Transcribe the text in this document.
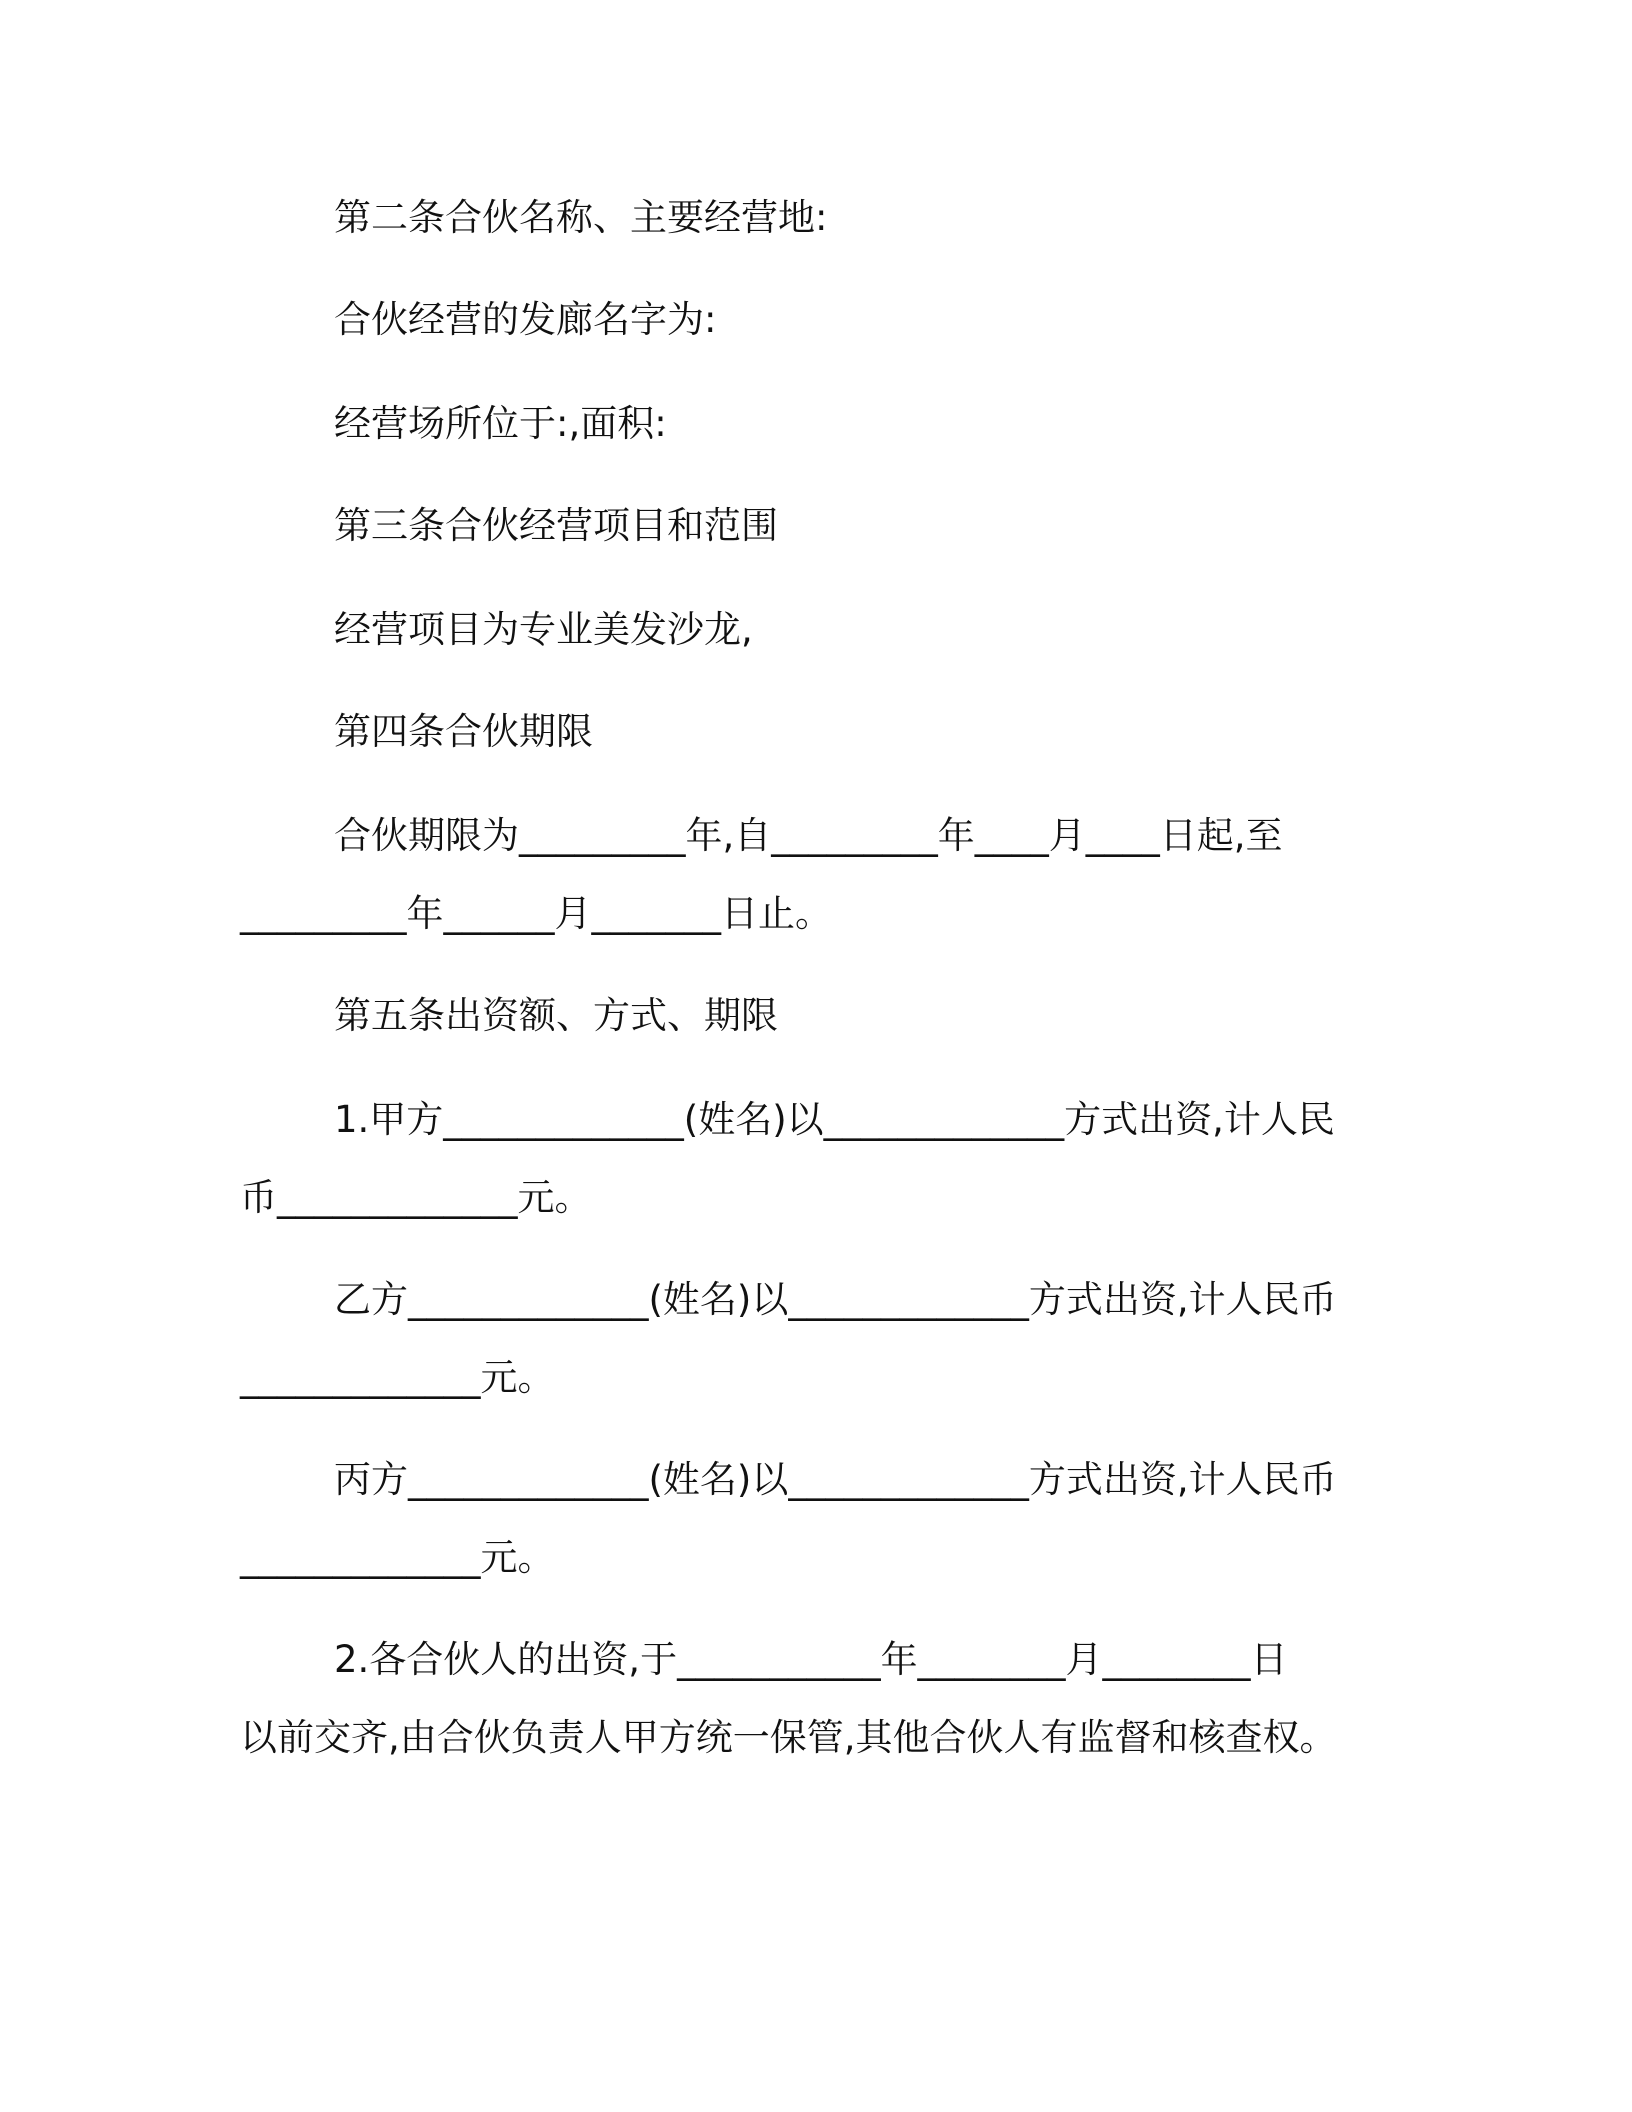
第二条合伙名称、主要经营地:
合伙经营的发廊名字为:
经营场所位于:,面积:
第三条合伙经营项目和范围
经营项目为专业美发沙龙,
第四条合伙期限
合伙期限为_________年,自_________年____月____日起,至
_________年______月_______日止。
第五条出资额、方式、期限
1.甲方_____________(姓名)以_____________方式出资,计人民
币_____________元。
乙方_____________(姓名)以_____________方式出资,计人民币
_____________元。
丙方_____________(姓名)以_____________方式出资,计人民币
_____________元。
2.各合伙人的出资,于___________年________月________日
以前交齐,由合伙负责人甲方统一保管,其他合伙人有监督和核查权。
